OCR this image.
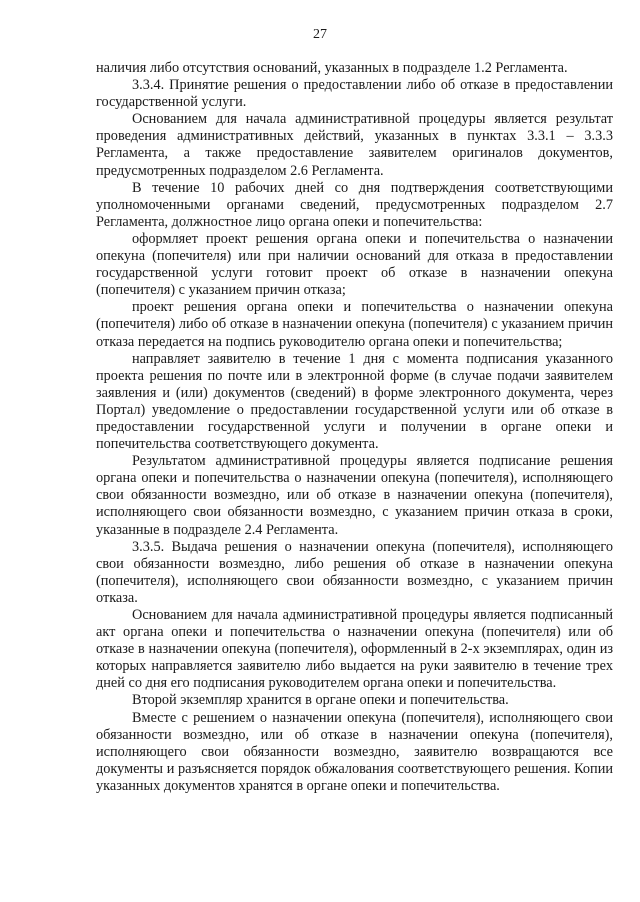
27

наличия либо отсутствия оснований, указанных в подразделе 1.2 Регламента.

3.3.4. Принятие решения о предоставлении либо об отказе в предоставлении государственной услуги.

Основанием для начала административной процедуры является результат проведения административных действий, указанных в пунктах 3.3.1 – 3.3.3 Регламента, а также предоставление заявителем оригиналов документов, предусмотренных подразделом 2.6 Регламента.

В течение 10 рабочих дней со дня подтверждения соответствующими уполномоченными органами сведений, предусмотренных подразделом 2.7 Регламента, должностное лицо органа опеки и попечительства:

оформляет проект решения органа опеки и попечительства о назначении опекуна (попечителя) или при наличии оснований для отказа в предоставлении государственной услуги готовит проект об отказе в назначении опекуна (попечителя) с указанием причин отказа;

проект решения органа опеки и попечительства о назначении опекуна (попечителя) либо об отказе в назначении опекуна (попечителя) с указанием причин отказа передается на подпись руководителю органа опеки и попечительства;

направляет заявителю в течение 1 дня с момента подписания указанного проекта решения по почте или в электронной форме (в случае подачи заявителем заявления и (или) документов (сведений) в форме электронного документа, через Портал) уведомление о предоставлении государственной услуги или об отказе в предоставлении государственной услуги и получении в органе опеки и попечительства соответствующего документа.

Результатом административной процедуры является подписание решения органа опеки и попечительства о назначении опекуна (попечителя), исполняющего свои обязанности возмездно, или об отказе в назначении опекуна (попечителя), исполняющего свои обязанности возмездно, с указанием причин отказа в сроки, указанные в подразделе 2.4 Регламента.

3.3.5. Выдача решения о назначении опекуна (попечителя), исполняющего свои обязанности возмездно, либо решения об отказе в назначении опекуна (попечителя), исполняющего свои обязанности возмездно, с указанием причин отказа.

Основанием для начала административной процедуры является подписанный акт органа опеки и попечительства о назначении опекуна (попечителя) или об отказе в назначении опекуна (попечителя), оформленный в 2-х экземплярах, один из которых направляется заявителю либо выдается на руки заявителю в течение трех дней со дня его подписания руководителем органа опеки и попечительства.

Второй экземпляр хранится в органе опеки и попечительства.

Вместе с решением о назначении опекуна (попечителя), исполняющего свои обязанности возмездно, или об отказе в назначении опекуна (попечителя), исполняющего свои обязанности возмездно, заявителю возвращаются все документы и разъясняется порядок обжалования соответствующего решения. Копии указанных документов хранятся в органе опеки и попечительства.
